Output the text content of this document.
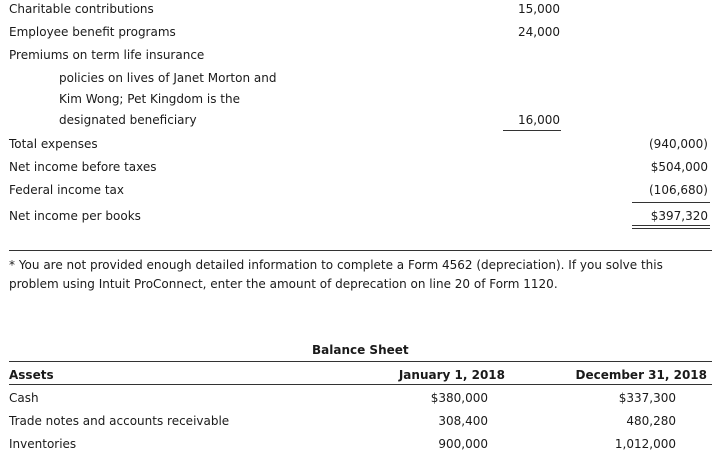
Charitable contributions	15,000
Employee benefit programs	24,000
Premiums on term life insurance
policies on lives of Janet Morton and
Kim Wong; Pet Kingdom is the
designated beneficiary	16,000
Total expenses	(940,000)
Net income before taxes	$504,000
Federal income tax	(106,680)
Net income per books	$397,320
* You are not provided enough detailed information to complete a Form 4562 (depreciation). If you solve this
problem using Intuit ProConnect, enter the amount of deprecation on line 20 of Form 1120.
Balance Sheet
Assets	January 1, 2018	December 31, 2018
Cash	$380,000	$337,300
Trade notes and accounts receivable	308,400	480,280
Inventories	900,000	1,012,000
